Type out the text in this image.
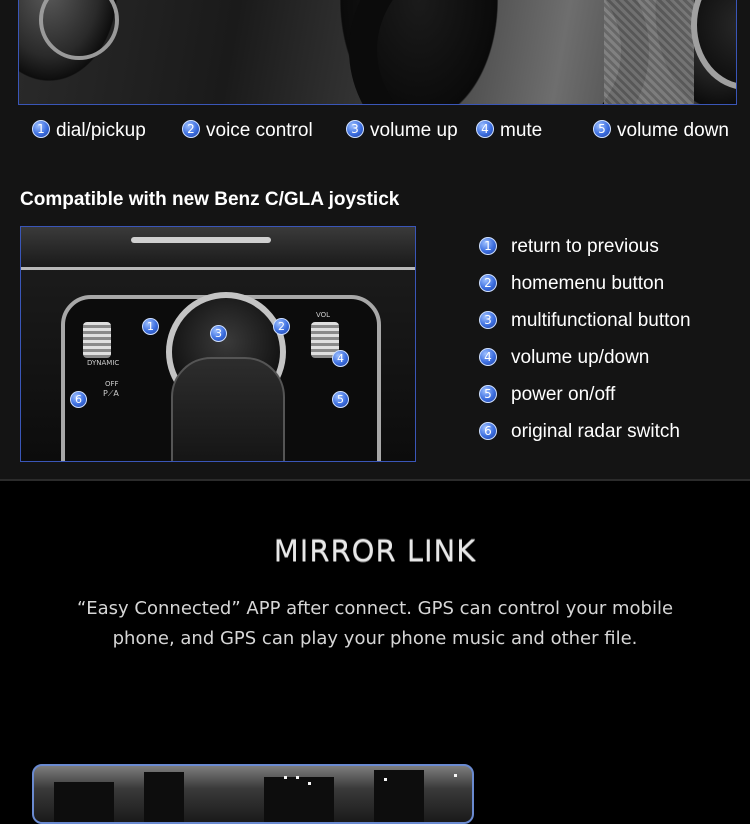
1 dial/pickup	2 voice control	3 volume up	4 mute	5 volume down
Compatible with new Benz C/GLA joystick
DYNAMIC
VOL
OFF
P⟋A
1	2
3
4
5
6
1 return to previous
2 homemenu button
3 multifunctional button
4 volume up/down
5 power on/off
6 original radar switch
MIRROR LINK
“Easy Connected” APP after connect. GPS can control your mobile
phone, and GPS can play your phone music and other file.
